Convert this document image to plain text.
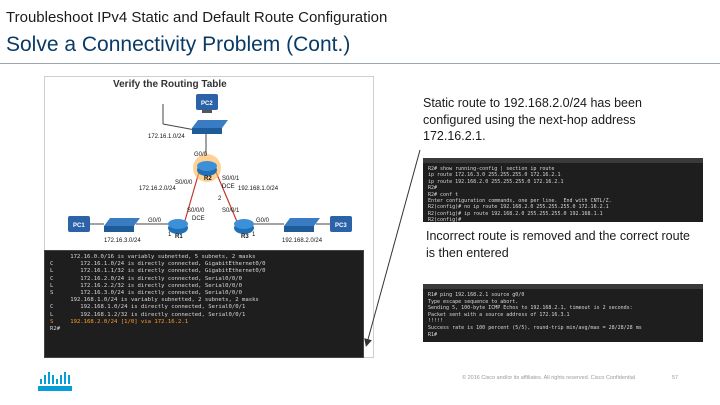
Troubleshoot IPv4 Static and Default Route Configuration
Solve a Connectivity Problem (Cont.)
PC2
172.16.1.0/24
R2
G0/0
S0/0/0
S0/0/1
DCE
172.16.2.0/24	192.168.1.0/24
R1
S0/0/0
G0/0	DCE
R3
S0/0/1
G0/0
PC1	PC3
172.16.3.0/24	192.168.2.0/24
1	1
2
Verify the Routing Table
172.16.0.0/16 is variably subnetted, 5 subnets, 2 masks
C        172.16.1.0/24 is directly connected, GigabitEthernet0/0
L        172.16.1.1/32 is directly connected, GigabitEthernet0/0
C        172.16.2.0/24 is directly connected, Serial0/0/0
L        172.16.2.2/32 is directly connected, Serial0/0/0
S        172.16.3.0/24 is directly connected, Serial0/0/0
192.168.1.0/24 is variably subnetted, 2 subnets, 2 masks
C        192.168.1.0/24 is directly connected, Serial0/0/1
L        192.168.1.2/32 is directly connected, Serial0/0/1
S     192.168.2.0/24 [1/0] via 172.16.2.1
R2#
Static route to 192.168.2.0/24 has been configured using the next-hop address 172.16.2.1.
R2# show running-config | section ip route
ip route 172.16.3.0 255.255.255.0 172.16.2.1
ip route 192.168.2.0 255.255.255.0 172.16.2.1
R2#
R2# conf t
Enter configuration commands, one per line.  End with CNTL/Z.
R2(config)# no ip route 192.168.2.0 255.255.255.0 172.16.2.1
R2(config)# ip route 192.168.2.0 255.255.255.0 192.168.1.1
R2(config)#
Incorrect route is removed and the correct route is then entered
R1# ping 192.168.2.1 source g0/0
Type escape sequence to abort.
Sending 5, 100-byte ICMP Echos to 192.168.2.1, timeout is 2 seconds:
Packet sent with a source address of 172.16.3.1
!!!!!
Success rate is 100 percent (5/5), round-trip min/avg/max = 28/28/28 ms
R1#
© 2016 Cisco and/or its affiliates. All rights reserved. Cisco Confidential	57
